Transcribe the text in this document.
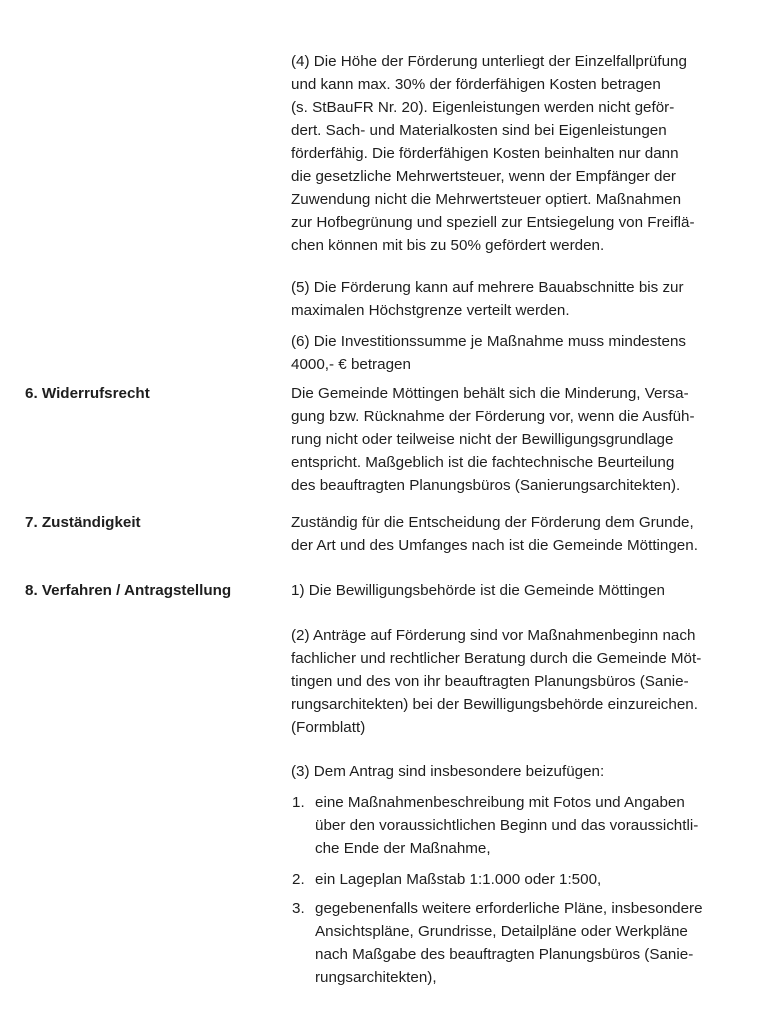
(4) Die Höhe der Förderung unterliegt der Einzelfallprüfung
und kann max. 30% der förderfähigen Kosten betragen
(s. StBauFR Nr. 20). Eigenleistungen werden nicht geför-
dert. Sach- und Materialkosten sind bei Eigenleistungen
förderfähig. Die förderfähigen Kosten beinhalten nur dann
die gesetzliche Mehrwertsteuer, wenn der Empfänger der
Zuwendung nicht die Mehrwertsteuer optiert. Maßnahmen
zur Hofbegrünung und speziell zur Entsiegelung von Freiflä-
chen können mit bis zu 50% gefördert werden.
(5) Die Förderung kann auf mehrere Bauabschnitte bis zur
maximalen Höchstgrenze verteilt werden.
(6) Die Investitionssumme je Maßnahme muss mindestens
4000,- € betragen
6. Widerrufsrecht	Die Gemeinde Möttingen behält sich die Minderung, Versa-
gung bzw. Rücknahme der Förderung vor, wenn die Ausfüh-
rung nicht oder teilweise nicht der Bewilligungsgrundlage
entspricht. Maßgeblich ist die fachtechnische Beurteilung
des beauftragten Planungsbüros (Sanierungsarchitekten).
7. Zuständigkeit	Zuständig für die Entscheidung der Förderung dem Grunde,
der Art und des Umfanges nach ist die Gemeinde Möttingen.
8. Verfahren / Antragstellung	1) Die Bewilligungsbehörde ist die Gemeinde Möttingen
(2) Anträge auf Förderung sind vor Maßnahmenbeginn nach
fachlicher und rechtlicher Beratung durch die Gemeinde Möt-
tingen und des von ihr beauftragten Planungsbüros (Sanie-
rungsarchitekten) bei der Bewilligungsbehörde einzureichen.
(Formblatt)
(3) Dem Antrag sind insbesondere beizufügen:
1. eine Maßnahmenbeschreibung mit Fotos und Angaben
über den voraussichtlichen Beginn und das voraussichtli-
che Ende der Maßnahme,
2. ein Lageplan Maßstab 1:1.000 oder 1:500,
3. gegebenenfalls weitere erforderliche Pläne, insbesondere
Ansichtspläne, Grundrisse, Detailpläne oder Werkpläne
nach Maßgabe des beauftragten Planungsbüros (Sanie-
rungsarchitekten),
